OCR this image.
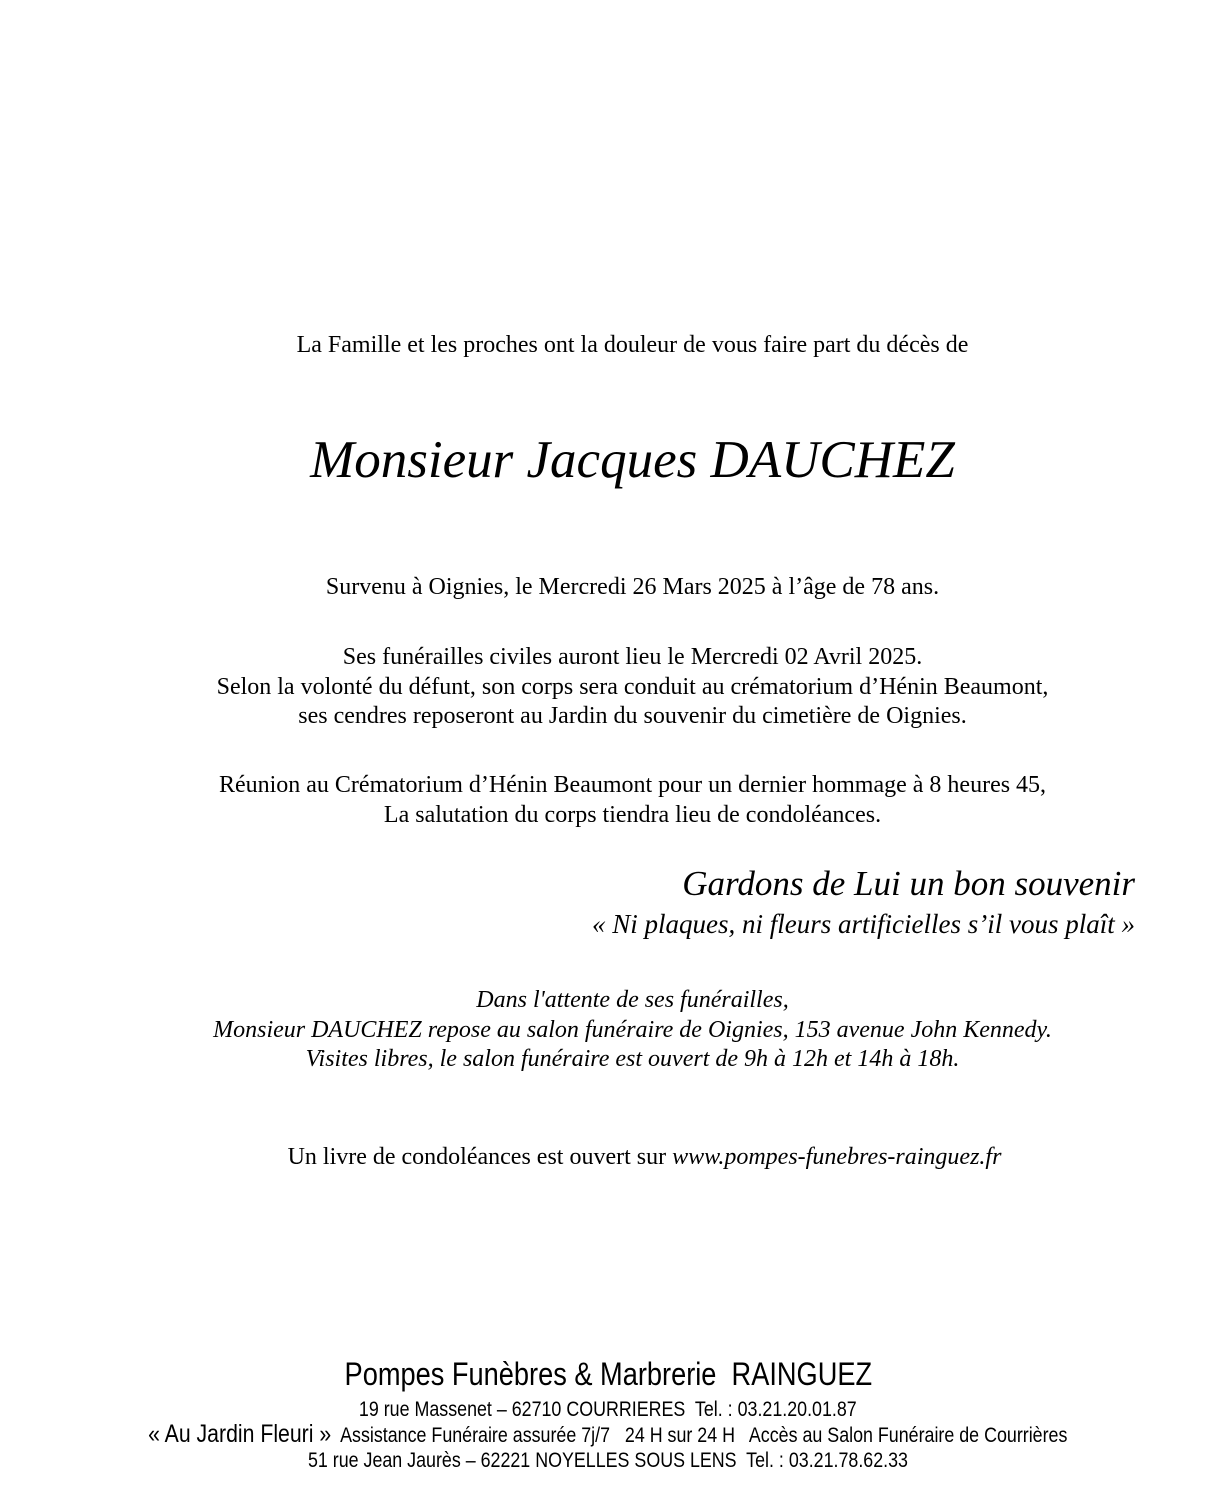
La Famille et les proches ont la douleur de vous faire part du décès de
Monsieur Jacques DAUCHEZ
Survenu à Oignies, le Mercredi 26 Mars 2025 à l’âge de 78 ans.
Ses funérailles civiles auront lieu le Mercredi 02 Avril 2025.
Selon la volonté du défunt, son corps sera conduit au crématorium d’Hénin Beaumont,
ses cendres reposeront au Jardin du souvenir du cimetière de Oignies.
Réunion au Crématorium d’Hénin Beaumont pour un dernier hommage à 8 heures 45,
La salutation du corps tiendra lieu de condoléances.
Gardons de Lui un bon souvenir
« Ni plaques, ni fleurs artificielles s’il vous plaît »
Dans l'attente de ses funérailles,
Monsieur DAUCHEZ repose au salon funéraire de Oignies, 153 avenue John Kennedy.
Visites libres, le salon funéraire est ouvert de 9h à 12h et 14h à 18h.

Un livre de condoléances est ouvert sur www.pompes-funebres-rainguez.fr

Pompes Funèbres & Marbrerie  RAINGUEZ
19 rue Massenet – 62710 COURRIERES  Tel. : 03.21.20.01.87
« Au Jardin Fleuri »  Assistance Funéraire assurée 7j/7   24 H sur 24 H   Accès au Salon Funéraire de Courrières
51 rue Jean Jaurès – 62221 NOYELLES SOUS LENS  Tel. : 03.21.78.62.33
